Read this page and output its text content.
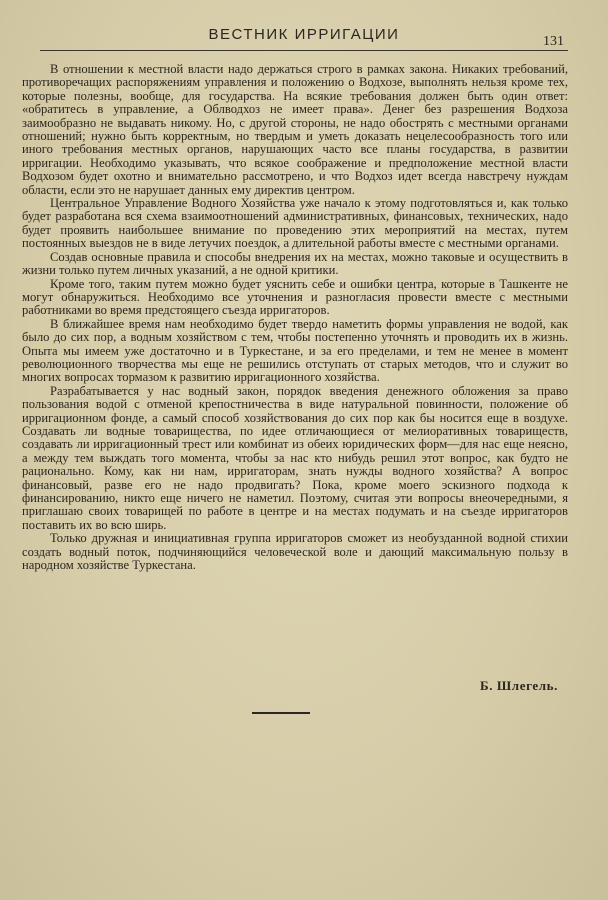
ВЕСТНИК ИРРИГАЦИИ	131

В отношении к местной власти надо держаться строго в рамках закона. Никаких требований, противоречащих распоряжениям управления и положению о Водхозе, выполнять нельзя кроме тех, которые полезны, вообще, для государства. На всякие требования должен быть один ответ: «обратитесь в управление, а Облводхоз не имеет права». Денег без разрешения Водхоза заимообразно не выдавать никому. Но, с другой стороны, не надо обострять с местными органами отношений; нужно быть корректным, но твердым и уметь доказать нецелесообразность того или иного требования местных органов, нарушающих часто все планы государства, в развитии ирригации. Необходимо указывать, что всякое соображение и предположение местной власти Водхозом будет охотно и внимательно рассмотрено, и что Водхоз идет всегда навстречу нуждам области, если это не нарушает данных ему директив центром.

Центральное Управление Водного Хозяйства уже начало к этому подготовляться и, как только будет разработана вся схема взаимоотношений административных, финансовых, технических, надо будет проявить наибольшее внимание по проведению этих мероприятий на местах, путем постоянных выездов не в виде летучих поездок, а длительной работы вместе с местными органами.

Создав основные правила и способы внедрения их на местах, можно таковые и осуществить в жизни только путем личных указаний, а не одной критики.

Кроме того, таким путем можно будет уяснить себе и ошибки центра, которые в Ташкенте не могут обнаружиться. Необходимо все уточнения и разногласия провести вместе с местными работниками во время предстоящего съезда ирригаторов.

В ближайшее время нам необходимо будет твердо наметить формы управления не водой, как было до сих пор, а водным хозяйством с тем, чтобы постепенно уточнять и проводить их в жизнь. Опыта мы имеем уже достаточно и в Туркестане, и за его пределами, и тем не менее в момент революционного творчества мы еще не решились отступать от старых методов, что и служит во многих вопросах тормазом к развитию ирригационного хозяйства.

Разрабатывается у нас водный закон, порядок введения денежного обложения за право пользования водой с отменой крепостничества в виде натуральной повинности, положение об ирригационном фонде, а самый способ хозяйствования до сих пор как бы носится еще в воздухе. Создавать ли водные товарищества, по идее отличающиеся от мелиоративных товариществ, создавать ли ирригационный трест или комбинат из обеих юридических форм—для нас еще неясно, а между тем выждать того момента, чтобы за нас кто нибудь решил этот вопрос, как будто не рационально. Кому, как ни нам, ирригаторам, знать нужды водного хозяйства? А вопрос финансовый, разве его не надо продвигать? Пока, кроме моего эскизного подхода к финансированию, никто еще ничего не наметил. Поэтому, считая эти вопросы внеочередными, я приглашаю своих товарищей по работе в центре и на местах подумать и на съезде ирригаторов поставить их во всю ширь.

Только дружная и инициативная группа ирригаторов сможет из необузданной водной стихии создать водный поток, подчиняющийся человеческой воле и дающий максимальную пользу в народном хозяйстве Туркестана.

Б. Шлегель.
